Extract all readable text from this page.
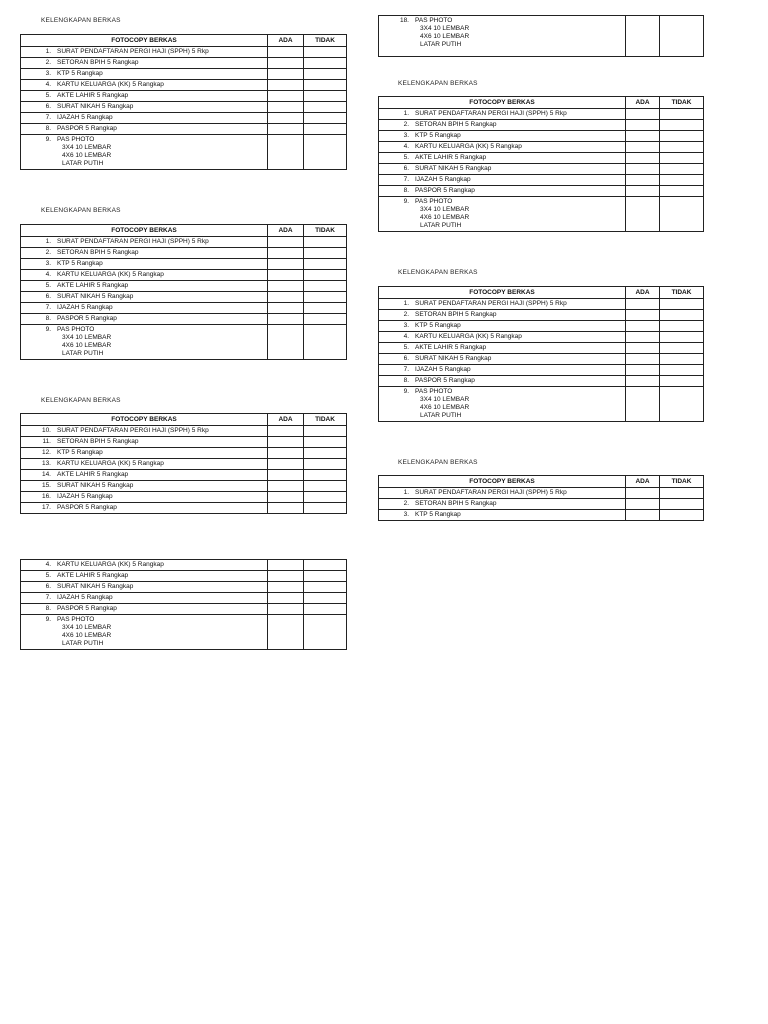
KELENGKAPAN BERKAS
FOTOCOPY BERKAS	ADA	TIDAK
1. SURAT PENDAFTARAN PERGI HAJI (SPPH) 5 Rkp		
2. SETORAN BPIH 5 Rangkap		
3. KTP 5 Rangkap		
4. KARTU KELUARGA (KK) 5 Rangkap		
5. AKTE LAHIR 5 Rangkap		
6. SURAT NIKAH 5 Rangkap		
7. IJAZAH 5 Rangkap		
8. PASPOR 5 Rangkap		
9. PAS PHOTO
3X4 10 LEMBAR
4X6 10 LEMBAR
LATAR PUTIH		

KELENGKAPAN BERKAS
FOTOCOPY BERKAS	ADA	TIDAK
1. SURAT PENDAFTARAN PERGI HAJI (SPPH) 5 Rkp		
2. SETORAN BPIH 5 Rangkap		
3. KTP 5 Rangkap		
4. KARTU KELUARGA (KK) 5 Rangkap		
5. AKTE LAHIR 5 Rangkap		
6. SURAT NIKAH 5 Rangkap		
7. IJAZAH 5 Rangkap		
8. PASPOR 5 Rangkap		
9. PAS PHOTO
3X4 10 LEMBAR
4X6 10 LEMBAR
LATAR PUTIH		

KELENGKAPAN BERKAS
FOTOCOPY BERKAS	ADA	TIDAK
10. SURAT PENDAFTARAN PERGI HAJI (SPPH) 5 Rkp		
11. SETORAN BPIH 5 Rangkap		
12. KTP 5 Rangkap		
13. KARTU KELUARGA (KK) 5 Rangkap		
14. AKTE LAHIR 5 Rangkap		
15. SURAT NIKAH 5 Rangkap		
16. IJAZAH 5 Rangkap		
17. PASPOR 5 Rangkap		
4. KARTU KELUARGA (KK) 5 Rangkap		
5. AKTE LAHIR 5 Rangkap		
6. SURAT NIKAH 5 Rangkap		
7. IJAZAH 5 Rangkap		
8. PASPOR 5 Rangkap		
9. PAS PHOTO
3X4 10 LEMBAR
4X6 10 LEMBAR
LATAR PUTIH		

18. PAS PHOTO
3X4 10 LEMBAR
4X6 10 LEMBAR
LATAR PUTIH

KELENGKAPAN BERKAS
FOTOCOPY BERKAS	ADA	TIDAK
1. SURAT PENDAFTARAN PERGI HAJI (SPPH) 5 Rkp		
2. SETORAN BPIH 5 Rangkap		
3. KTP 5 Rangkap		
4. KARTU KELUARGA (KK) 5 Rangkap		
5. AKTE LAHIR 5 Rangkap		
6. SURAT NIKAH 5 Rangkap		
7. IJAZAH 5 Rangkap		
8. PASPOR 5 Rangkap		
9. PAS PHOTO
3X4 10 LEMBAR
4X6 10 LEMBAR
LATAR PUTIH		

KELENGKAPAN BERKAS
FOTOCOPY BERKAS	ADA	TIDAK
1. SURAT PENDAFTARAN PERGI HAJI (SPPH) 5 Rkp		
2. SETORAN BPIH 5 Rangkap		
3. KTP 5 Rangkap		
4. KARTU KELUARGA (KK) 5 Rangkap		
5. AKTE LAHIR 5 Rangkap		
6. SURAT NIKAH 5 Rangkap		
7. IJAZAH 5 Rangkap		
8. PASPOR 5 Rangkap		
9. PAS PHOTO
3X4 10 LEMBAR
4X6 10 LEMBAR
LATAR PUTIH		

KELENGKAPAN BERKAS
FOTOCOPY BERKAS	ADA	TIDAK
1. SURAT PENDAFTARAN PERGI HAJI (SPPH) 5 Rkp		
2. SETORAN BPIH 5 Rangkap		
3. KTP 5 Rangkap		
